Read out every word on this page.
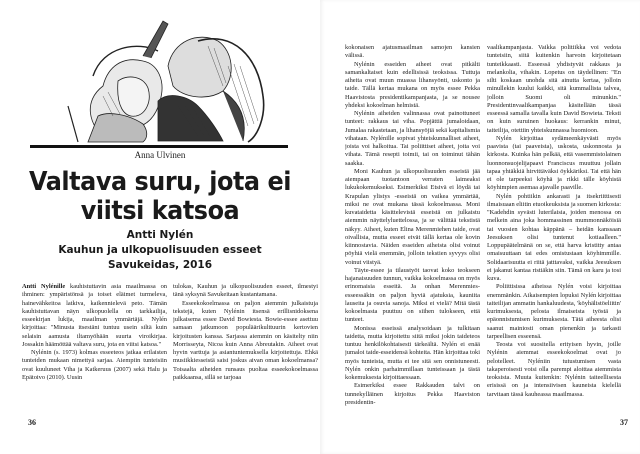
Anna Ulvinen
Valtava suru, jota ei
viitsi katsoa
Antti Nylén
Kauhun ja ulkopuolisuuden esseet
Savukeidas, 2016

Antti Nylénille kauhistuttavin asia maailmassa on ihminen: ympäristönsä ja toiset eläimet turmeleva, hainevähkeitoa latkiva, kaikennielevä peto. Tämän kauhistuttavan näyn ulkopuolella on tarkkailija, esseekirjan lukija, maailman ymmärtäjä. Nylén kirjoittaa: "Minusta itsestäni tuntuu usein siltä kuin selaisin aamusta iltamyöhään suurta viroikirjaa. Jossakin häämöttää valtava suru, jota en viitsi katsoa."

Nylénin (s. 1973) kolmas esseeteos jatkaa erilaisten tunteiden mukaan nimettyä sarjaa. Aiempiin tunteisiin ovat kuuluneet Viha ja Katkeruus (2007) sekä Halu ja Epätoivo (2010). Uusin

tulokas, Kauhun ja ulkopuolisuuden esseet, ilmestyi tänä syksynä Savukeitaan kustantamana.

Esseekokoelmassa on paljon aiemmin julkaistuja tekstejä, kuten Nylénin itsensä erillisnidoksena julkaisema essee David Bowiesta. Bowie-essee asettuu samaan jatkumoon populäärikulttuurin kertovien kirjoitusten kanssa. Sarjassa aiemmin on käsitelty niin Morrisseyta, Nicoa kuin Anna Abreutakin. Aiheet ovat hyvin varttuja ja asiantuntemuksella kirjoitettuja. Ehkä musiikkiesseistä saisi joskus aivan oman kokoelmansa? Toisaalta aiheiden runsaus puoltaa esseekokoelmassa paikkaansa, sillä se tarjoaa

36

kokonaisen ajatusmaailman samojen kansien välissä.

Nylénin esseiden aiheet ovat pitkälti samankaltaiset kuin edellisissä teoksissa. Tuttuja aiheita ovat muun muassa lihansyönti, uskonto ja taide. Tällä kertaa mukana on myös essee Pekka Haavistosta presidentikampanjasta, ja se nousee yhdeksi kokoelman helmistä.

Nylénin aiheiden valinnassa ovat painottuneet tunteet: rakkaus tai viha. Popjättiä jumaloidaan, Jumalaa rakastetaan, ja lihansyöjiä sekä kapitalismia vihataan. Nylénille sopivat yhteiskunnalliset aiheet, joista voi halkoitua. Tai poliittiset aiheet, joita voi vihata. Tämä resepti toimii, tai on toiminut tähän saakka.

Moni Kauhun ja ulkopuolisuuden esseistä jää aiempaan tuotantoon verraten laimeaksi lukukokemukseksi. Esimerkiksi Etsivä ei löydä tai Krapulan ylistys -esseistä on vaikea ymmärtää, miksi ne ovat mukana tässä kokoelmassa. Moni kuvataidetta käsittelevistä esseistä on julkaistu aiemmin näyttelyluettelossa, ja se välittää tekstistä näkyy. Aiheet, kuten Elina Merenmiehen taide, ovat oivallisia, mutta esseet eivät tällä kertaa ole kovin kiinnostavia. Näiden esseiden aiheista olisi voinut pöyhiä vielä enemmän, jolloin tekstien syvyys olisi voinut viistyä.

Täyte-essee ja tilaustyöt taovat koko teokseen hajanaisuuden tunnun, vaikka kokoelmassa on myös erinomaisia esseitä. Ja onhan Merenmies-esseessäkin on paljon hyviä ajatuksia, kauniita lauseita ja osuvia sanoja. Miksi ei vielä? Mitä tästä kokoelmasta puuttuu on siihen tulokseen, että tunteet.

Monissa esseissä analysoidaan ja tulkitaan taidetta, mutta kirjoitettu siitä miksi jokin taideteos tuntuu henkilökohtaisesti tärkeältä. Nylén ei enää jumaloi taide-esseidensä kohteita. Hän kirjoittaa toki myös tunteista, mutta ei tee sitä sen onnistuneesti. Nylén onkin parhaimmillaan tunteissaan ja tästä kokemuksesta kirjoittaessaan.

Esimerkiksi essee Rakkauden talvi on tunnekylläinen kirjoitus Pekka Haaviston presidentin-

vaalikampanjasta. Vaikka politiikka voi vedota tunteisiin, siitä kuitenkin harvoin kirjoitetaan tunteikkaasti. Esseessä yhdistyvät rakkaus ja melankolia, vihakin. Lopetus on täydellinen: "En silti koskaan unohda sitä ainutta kertaa, jolloin minullekin kuului kaikki, sitä kummallista talvea, jolloin Suomi oli minunkin." Presidentinvaalikampanjaa käsitellään tässä esseessä samalla tavalla kuin David Bowieta. Teksti on kuin suruinen huokaus: kerrankin minut, taiteilija, otettiin yhteiskunnassa huomioon.

Nylén kirjoittaa sydämeenkäyvästi myös paavista (tai paaveista), uskosta, uskonnosta ja kirkosta. Kuinka hän pelkää, että vasemmistolainen luonnonsuojelijapaavi Franciscus muuttuu jollain tapaa yhtäkkiä hirvittäväksi öykkäriksi. Tai että hän ei ole tarpeeksi köyhä ja rikki tälle köyhistä köyhimpien asemaa ajavalle paaville.

Nylén pohtiikin ankarasti ja itsekriittisesti ilmaisuaan eliitin etuoikeuksista ja suomen kirkosta: "Kadehdin syvästi luterilaisia, joiden menossa on melkein aina joka hommassinen mummonnäköisiä tai vuosien kohtaa käppänä – heidän kanssaan Jeesuksen olisi tuntenut kotiaalleen." Loppupäätelmänä on se, että harva kristitty antaa omaisuuttaan tai edes omistustaan köyhimmille. Solidaarisuutta ei riitä jatttavaksi, vaikka Jeesuksen ei jakanut kantaa ristiäkin siin. Tämä on karu ja tosi kuva.

Poliittisissa aiheissa Nylén voisi kirjoittaa enemmänkin. Aikaisempien lopuksi Nylén kirjoittaa taiteilijan ammatin hankaluudesta, 'köyhälistöeliitin' kurimuksesta, pelosta ilmaiseista työstä ja epäonnistumisen kurimuksesta. Tätä aiheesta olisi saanut mainiosti oman pienenkin ja tarkasti tarpeellisen esseensä.

Teosta voi suositella erityisen hyvin, joille Nylénin aiemmat esseekokoelmat ovat jo pelotelleet. Nyléniin tutustumisen vasta takaperoisesti voisi olla parempi aloittaa aiemmista teoksista. Muuta kuitenkin: Nylénin taiteellisesta erisissä on ja intensiivisen kauneista kielellä tarvitaan tässä kauheassa maailmassa.

37
